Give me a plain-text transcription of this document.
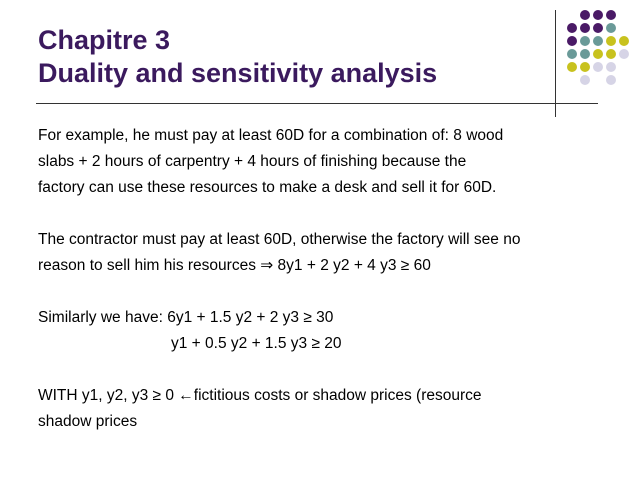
Chapitre 3
Duality and sensitivity analysis
For example, he must pay at least 60D for a combination of: 8 wood
slabs + 2 hours of carpentry + 4 hours of finishing because the
factory can use these resources to make a desk and sell it for 60D.
The contractor must pay at least 60D, otherwise the factory will see no
reason to sell him his resources ⇒ 8y1 + 2 y2 + 4 y3 ≥ 60
Similarly we have: 6y1 + 1.5 y2 + 2 y3 ≥ 30
y1 + 0.5 y2 + 1.5 y3 ≥ 20
WITH y1, y2, y3 ≥ 0 ←fictitious costs or shadow prices (resource
shadow prices
